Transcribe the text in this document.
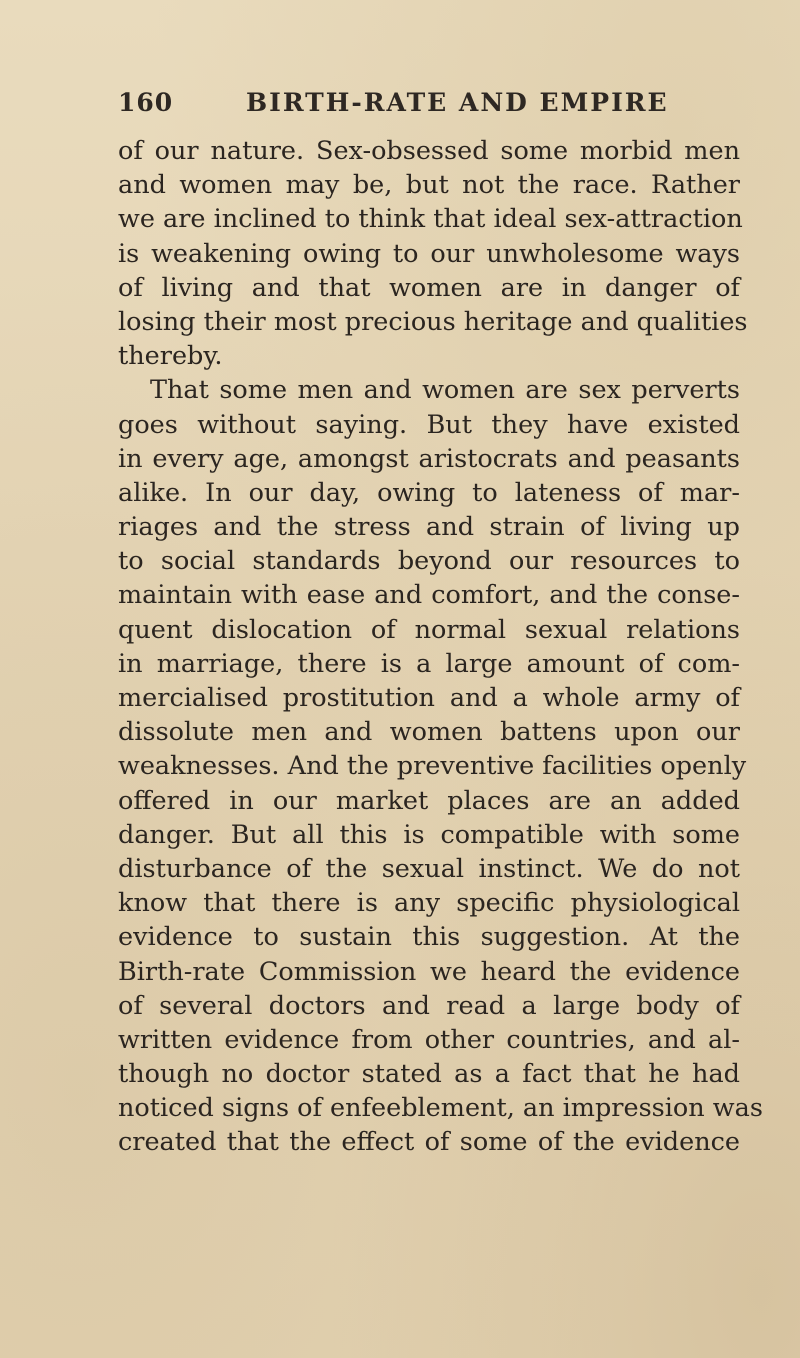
160	BIRTH-RATE AND EMPIRE
of our nature. Sex-obsessed some morbid men
and women may be, but not the race. Rather
we are inclined to think that ideal sex-attraction
is weakening owing to our unwholesome ways
of living and that women are in danger of
losing their most precious heritage and qualities
thereby.
That some men and women are sex perverts
goes without saying. But they have existed
in every age, amongst aristocrats and peasants
alike. In our day, owing to lateness of mar-
riages and the stress and strain of living up
to social standards beyond our resources to
maintain with ease and comfort, and the conse-
quent dislocation of normal sexual relations
in marriage, there is a large amount of com-
mercialised prostitution and a whole army of
dissolute men and women battens upon our
weaknesses. And the preventive facilities openly
offered in our market places are an added
danger. But all this is compatible with some
disturbance of the sexual instinct. We do not
know that there is any specific physiological
evidence to sustain this suggestion. At the
Birth-rate Commission we heard the evidence
of several doctors and read a large body of
written evidence from other countries, and al-
though no doctor stated as a fact that he had
noticed signs of enfeeblement, an impression was
created that the effect of some of the evidence
